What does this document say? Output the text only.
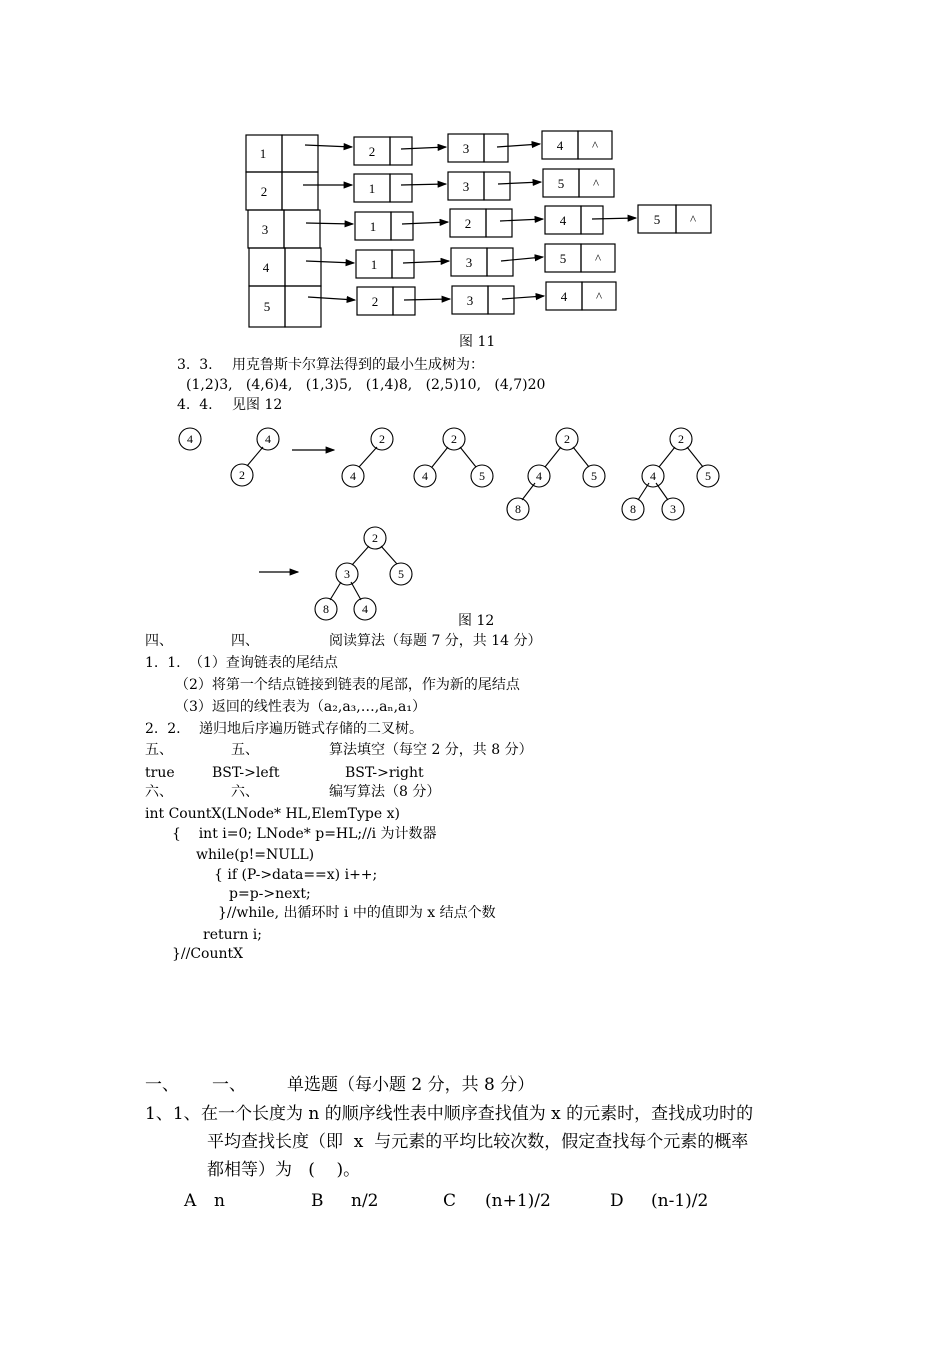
1
2
3
4
5
2	3	4 ^
1	3	5 ^
1	2	4	5 ^
1	3	5 ^
2	3	4 ^
图 11
3.  3. 用克鲁斯卡尔算法得到的最小生成树为：
(1,2)3,   (4,6)4,   (1,3)5,   (1,4)8,   (2,5)10,   (4,7)20
4.  4. 见图 12
4	4
2
2
4
2
4	5
2
4	5
8
2
4	5
8	3
2
3	5
8	4
图 12
四、	四、	阅读算法（每题 7 分，共 14 分）
1.  1. （1）查询链表的尾结点
（2）将第一个结点链接到链表的尾部，作为新的尾结点
（3）返回的线性表为（a₂,a₃,…,aₙ,a₁）
2.  2. 递归地后序遍历链式存储的二叉树。
五、	五、	算法填空（每空 2 分，共 8 分）
true	BST->left	BST->right
六、	六、	编写算法（8 分）
int CountX(LNode* HL,ElemType x)
{    int i=0; LNode* p=HL;//i 为计数器
while(p!=NULL)
{ if (P->data==x) i++;
p=p->next;
}//while, 出循环时 i 中的值即为 x 结点个数
return i;
}//CountX
一、 一、 单选题（每小题 2 分，共 8 分）
1、1、 在一个长度为 n 的顺序线性表中顺序查找值为 x 的元素时，查找成功时的
平均查找长度（即  x  与元素的平均比较次数，假定查找每个元素的概率
都相等）为   (    )。
A n	B n/2	C (n+1)/2	D (n-1)/2
